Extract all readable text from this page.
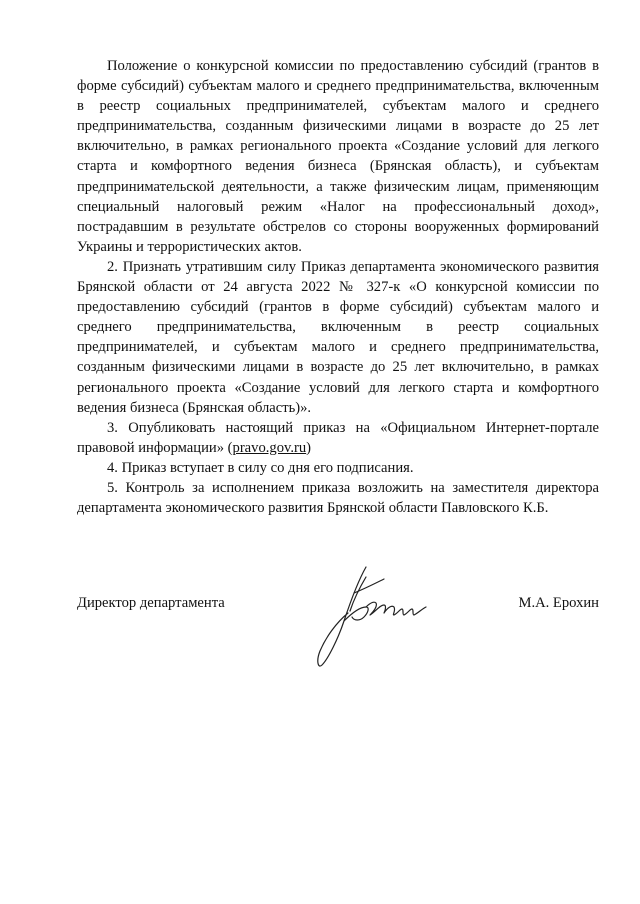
Положение о конкурсной комиссии по предоставлению субсидий (грантов в форме субсидий) субъектам малого и среднего предпринимательства, включенным в реестр социальных предпринимателей, субъектам малого и среднего предпринимательства, созданным физическими лицами в возрасте до 25 лет включительно, в рамках регионального проекта «Создание условий для легкого старта и комфортного ведения бизнеса (Брянская область), и субъектам предпринимательской деятельности, а также физическим лицам, применяющим специальный налоговый режим «Налог на профессиональный доход», пострадавшим в результате обстрелов со стороны вооруженных формирований Украины и террористических актов.

2. Признать утратившим силу Приказ департамента экономического развития Брянской области от 24 августа 2022 № 327-к «О конкурсной комиссии по предоставлению субсидий (грантов в форме субсидий) субъектам малого и среднего предпринимательства, включенным в реестр социальных предпринимателей, и субъектам малого и среднего предпринимательства, созданным физическими лицами в возрасте до 25 лет включительно, в рамках регионального проекта «Создание условий для легкого старта и комфортного ведения бизнеса (Брянская область)».

3. Опубликовать настоящий приказ на «Официальном Интернет-портале правовой информации» (pravo.gov.ru)

4. Приказ вступает в силу со дня его подписания.

5. Контроль за исполнением приказа возложить на заместителя директора департамента экономического развития Брянской области Павловского К.Б.

Директор департамента	М.А. Ерохин
